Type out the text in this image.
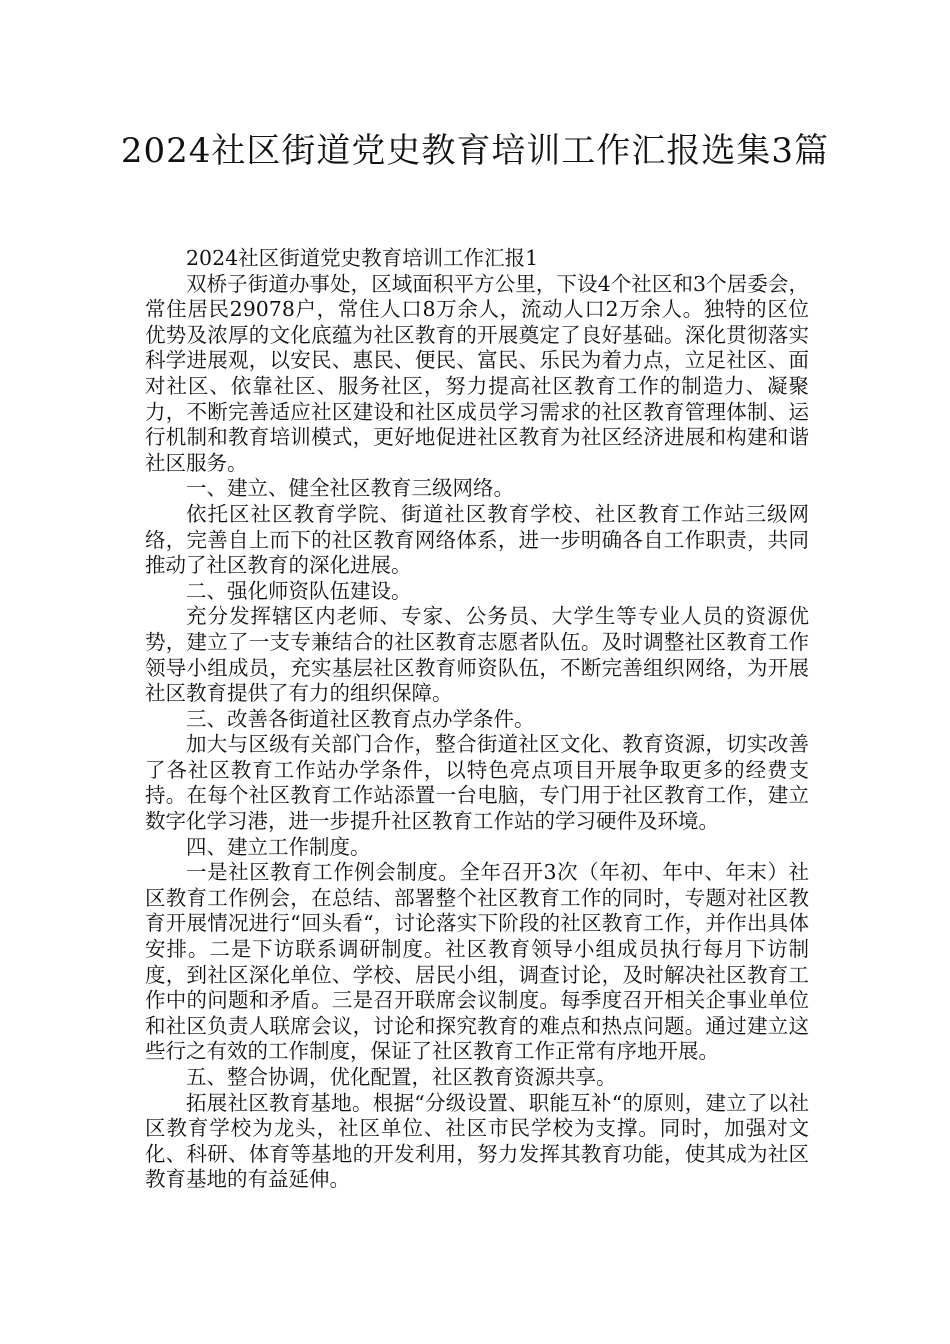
2024社区街道党史教育培训工作汇报选集3篇

2024社区街道党史教育培训工作汇报1

双桥子街道办事处，区域面积平方公里，下设4个社区和3个居委会，常住居民29078户，常住人口8万余人，流动人口2万余人。独特的区位优势及浓厚的文化底蕴为社区教育的开展奠定了良好基础。深化贯彻落实科学进展观，以安民、惠民、便民、富民、乐民为着力点，立足社区、面对社区、依靠社区、服务社区，努力提高社区教育工作的制造力、凝聚力，不断完善适应社区建设和社区成员学习需求的社区教育管理体制、运行机制和教育培训模式，更好地促进社区教育为社区经济进展和构建和谐社区服务。

一、建立、健全社区教育三级网络。

依托区社区教育学院、街道社区教育学校、社区教育工作站三级网络，完善自上而下的社区教育网络体系，进一步明确各自工作职责，共同推动了社区教育的深化进展。

二、强化师资队伍建设。

充分发挥辖区内老师、专家、公务员、大学生等专业人员的资源优势，建立了一支专兼结合的社区教育志愿者队伍。及时调整社区教育工作领导小组成员，充实基层社区教育师资队伍，不断完善组织网络，为开展社区教育提供了有力的组织保障。

三、改善各街道社区教育点办学条件。

加大与区级有关部门合作，整合街道社区文化、教育资源，切实改善了各社区教育工作站办学条件，以特色亮点项目开展争取更多的经费支持。在每个社区教育工作站添置一台电脑，专门用于社区教育工作，建立数字化学习港，进一步提升社区教育工作站的学习硬件及环境。

四、建立工作制度。

一是社区教育工作例会制度。全年召开3次（年初、年中、年末）社区教育工作例会，在总结、部署整个社区教育工作的同时，专题对社区教育开展情况进行“回头看“，讨论落实下阶段的社区教育工作，并作出具体安排。二是下访联系调研制度。社区教育领导小组成员执行每月下访制度，到社区深化单位、学校、居民小组，调查讨论，及时解决社区教育工作中的问题和矛盾。三是召开联席会议制度。每季度召开相关企事业单位和社区负责人联席会议，讨论和探究教育的难点和热点问题。通过建立这些行之有效的工作制度，保证了社区教育工作正常有序地开展。

五、整合协调，优化配置，社区教育资源共享。

拓展社区教育基地。根据“分级设置、职能互补“的原则，建立了以社区教育学校为龙头，社区单位、社区市民学校为支撑。同时，加强对文化、科研、体育等基地的开发利用，努力发挥其教育功能，使其成为社区教育基地的有益延伸。
